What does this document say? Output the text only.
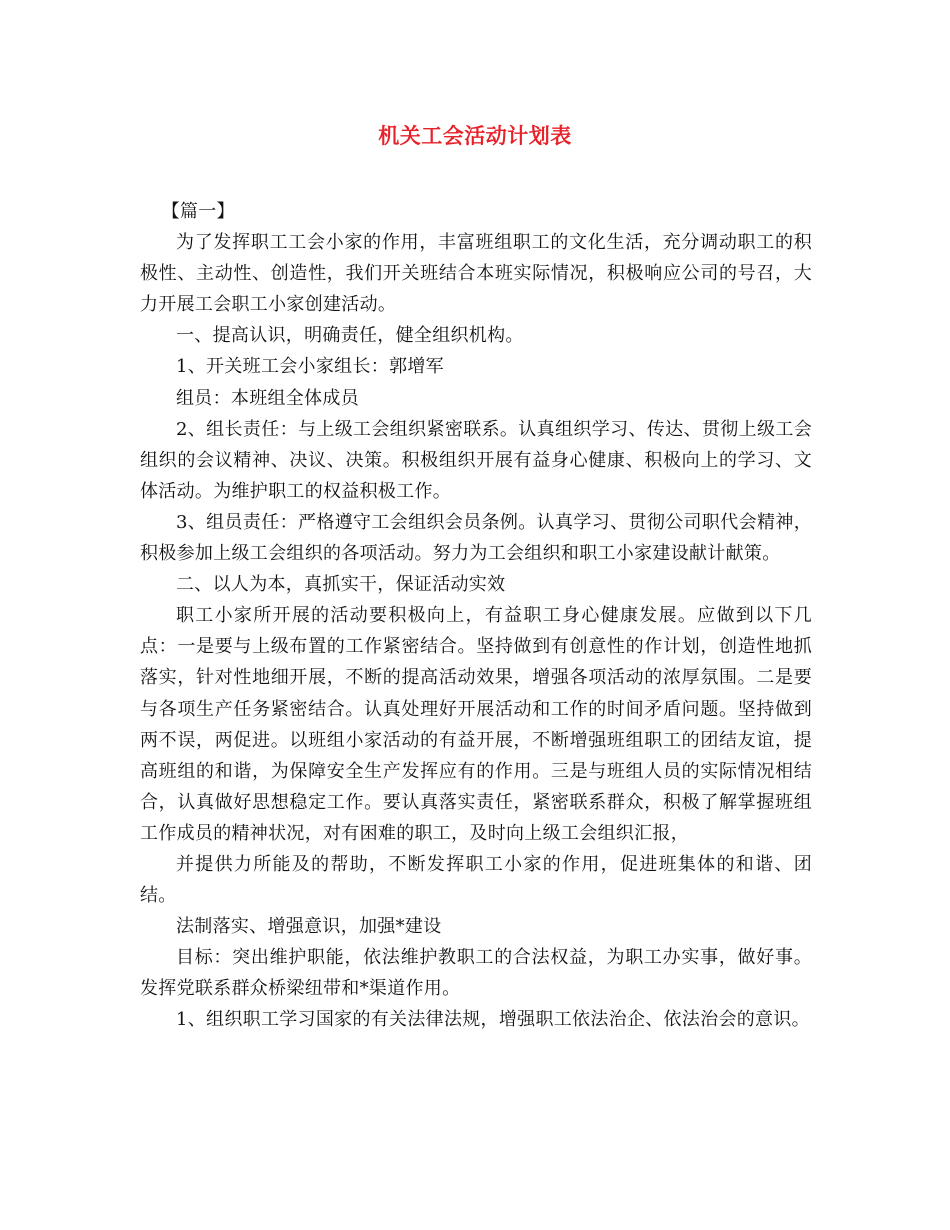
机关工会活动计划表

【篇一】

为了发挥职工工会小家的作用，丰富班组职工的文化生活，充分调动职工的积极性、主动性、创造性，我们开关班结合本班实际情况，积极响应公司的号召，大力开展工会职工小家创建活动。

一、提高认识，明确责任，健全组织机构。

1、开关班工会小家组长：郭增军

组员：本班组全体成员

2、组长责任：与上级工会组织紧密联系。认真组织学习、传达、贯彻上级工会组织的会议精神、决议、决策。积极组织开展有益身心健康、积极向上的学习、文体活动。为维护职工的权益积极工作。

3、组员责任：严格遵守工会组织会员条例。认真学习、贯彻公司职代会精神，积极参加上级工会组织的各项活动。努力为工会组织和职工小家建设献计献策。

二、以人为本，真抓实干，保证活动实效

职工小家所开展的活动要积极向上，有益职工身心健康发展。应做到以下几点：一是要与上级布置的工作紧密结合。坚持做到有创意性的作计划，创造性地抓落实，针对性地细开展，不断的提高活动效果，增强各项活动的浓厚氛围。二是要与各项生产任务紧密结合。认真处理好开展活动和工作的时间矛盾问题。坚持做到两不误，两促进。以班组小家活动的有益开展，不断增强班组职工的团结友谊，提高班组的和谐，为保障安全生产发挥应有的作用。三是与班组人员的实际情况相结合，认真做好思想稳定工作。要认真落实责任，紧密联系群众，积极了解掌握班组工作成员的精神状况，对有困难的职工，及时向上级工会组织汇报，

并提供力所能及的帮助，不断发挥职工小家的作用，促进班集体的和谐、团结。

法制落实、增强意识，加强*建设

目标：突出维护职能，依法维护教职工的合法权益，为职工办实事，做好事。发挥党联系群众桥梁纽带和*渠道作用。

1、组织职工学习国家的有关法律法规，增强职工依法治企、依法治会的意识。
